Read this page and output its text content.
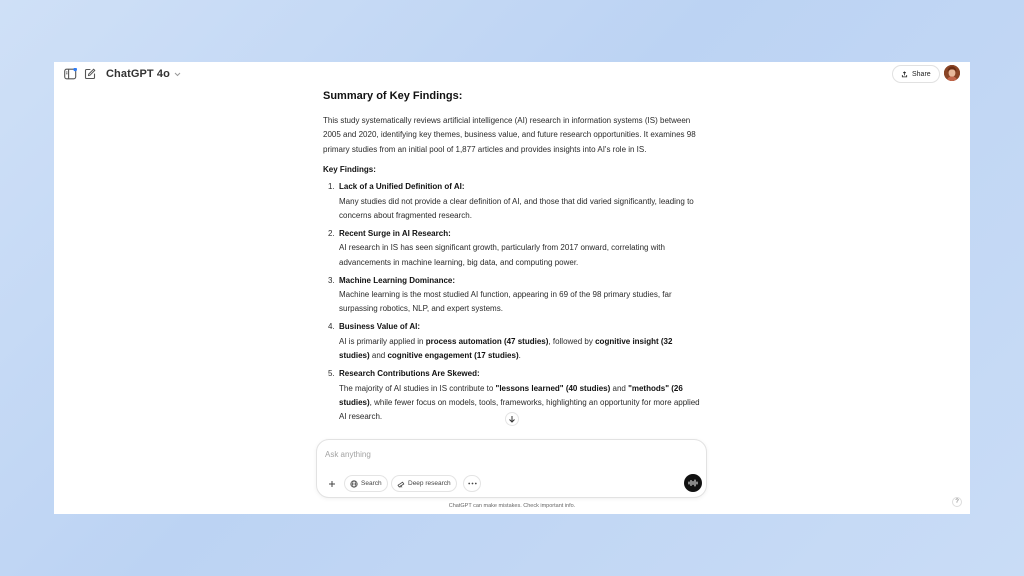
ChatGPT 4o	Share
Summary of Key Findings:

This study systematically reviews artificial intelligence (AI) research in information systems (IS) between 2005 and 2020, identifying key themes, business value, and future research opportunities. It examines 98 primary studies from an initial pool of 1,877 articles and provides insights into AI's role in IS.

Key Findings:
1. Lack of a Unified Definition of AI:
Many studies did not provide a clear definition of AI, and those that did varied significantly, leading to concerns about fragmented research.
2. Recent Surge in AI Research:
AI research in IS has seen significant growth, particularly from 2017 onward, correlating with advancements in machine learning, big data, and computing power.
3. Machine Learning Dominance:
Machine learning is the most studied AI function, appearing in 69 of the 98 primary studies, far surpassing robotics, NLP, and expert systems.
4. Business Value of AI:
AI is primarily applied in process automation (47 studies), followed by cognitive insight (32 studies) and cognitive engagement (17 studies).
5. Research Contributions Are Skewed:
The majority of AI studies in IS contribute to "lessons learned" (40 studies) and "methods" (26 studies), while fewer focus on models, tools, frameworks, highlighting an opportunity for more applied AI research.
Ask anything
Search	Deep research
ChatGPT can make mistakes. Check important info.
?
